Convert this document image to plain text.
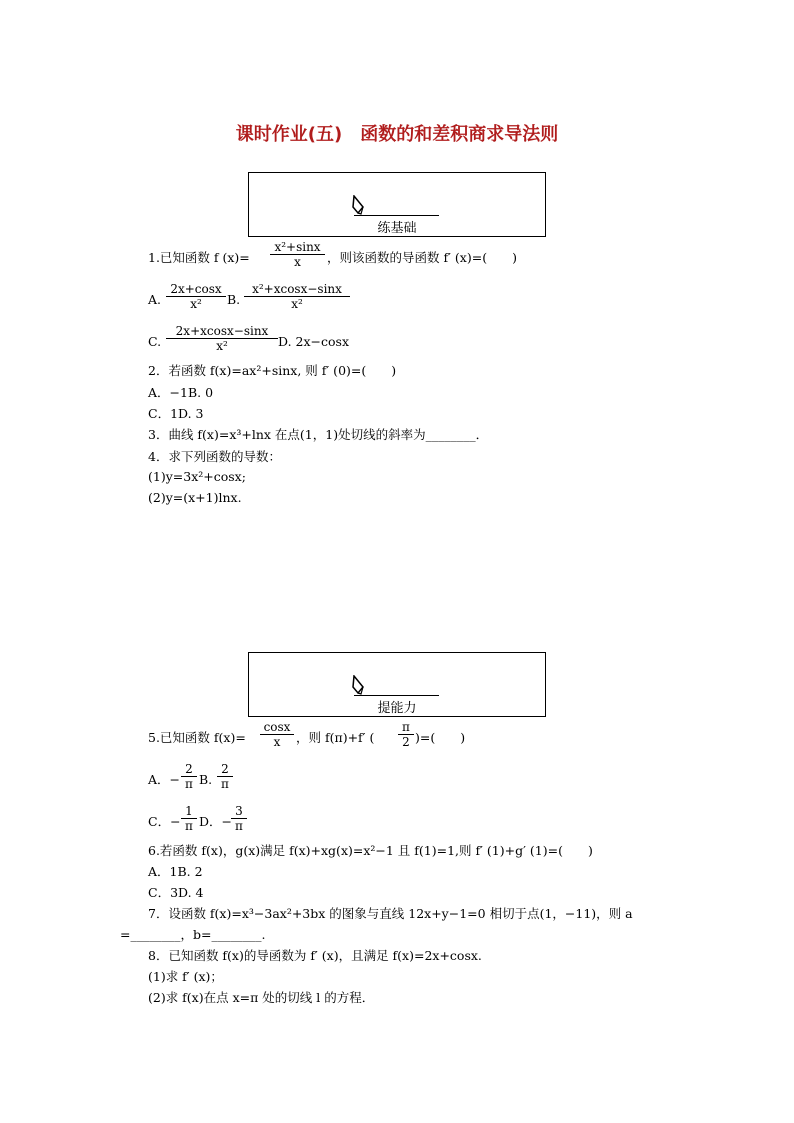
课时作业(五)　函数的和差积商求导法则
练基础
1.已知函数 f $(x)= \frac{\text{x²+sinx}}{x}$ ，则该函数的导函数 f′ (x)=(　　)
A. $\frac{2x+\cos x}{\text{x²}} B$. $\frac{\text{x²+xcosx−sinx}}{\text{x²}}$
C. $\frac{2x+xcosx-\sin x}{\text{x²}} D$. 2x−cosx
2．若函数 f(x)=ax²+sinx, 则 f′ (0)=(　　)
A．−1B. 0
C．1D. 3
3．曲线 f(x)=x³+lnx 在点(1，1)处切线的斜率为________．
4．求下列函数的导数：
(1)y=3x²+cosx;
(2)y=(x+1)lnx.
提能力
5.已知函数 $f(x)= \frac{\cos x}{x}$ ，则 f(π)+f′ ( $\frac{\pi}{2}$ )=(　　)
A．− $\frac{2}{\pi} B$. $\frac{2}{\pi}$
C．− $\frac{1}{\pi}$ D．− $\frac{3}{\pi}$
6.若函数 f(x)，g(x)满足 f(x)+xg(x)=x²−1 且 f(1)=1,则 f′ (1)+g′ (1)=(　　)
A．1B. 2
C．3D. 4
7．设函数 f(x)=x³−3ax²+3bx 的图象与直线 12x+y−1=0 相切于点(1，−11)，则 a
=________，b=________.
8．已知函数 f(x)的导函数为 f′ (x)，且满足 f(x)=2x+cosx.
(1)求 f′ (x)；
(2)求 f(x)在点 x=π 处的切线 l 的方程．
